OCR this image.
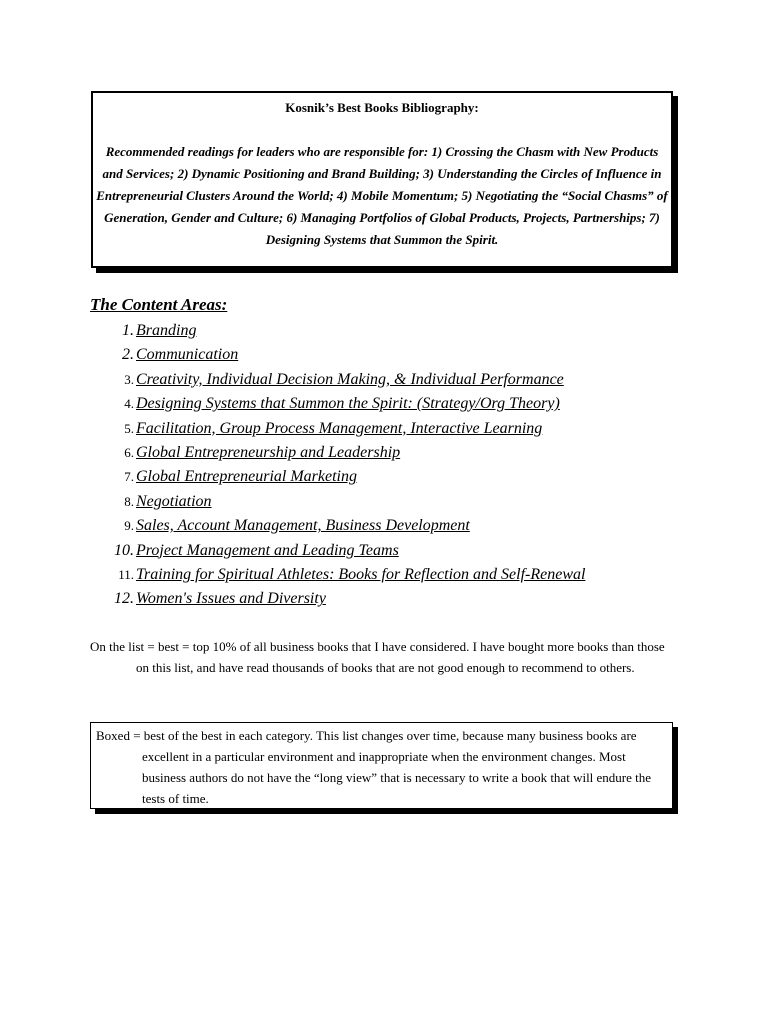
Kosnik’s Best Books Bibliography:

Recommended readings for leaders who are responsible for: 1) Crossing the Chasm with New Products and Services; 2) Dynamic Positioning and Brand Building; 3) Understanding the Circles of Influence in Entrepreneurial Clusters Around the World; 4) Mobile Momentum; 5) Negotiating the “Social Chasms” of Generation, Gender and Culture; 6) Managing Portfolios of Global Products, Projects, Partnerships; 7) Designing Systems that Summon the Spirit.

The Content Areas:

1. Branding
2. Communication
3. Creativity, Individual Decision Making, & Individual Performance
4. Designing Systems that Summon the Spirit: (Strategy/Org Theory)
5. Facilitation, Group Process Management, Interactive Learning
6. Global Entrepreneurship and Leadership
7. Global Entrepreneurial Marketing
8. Negotiation
9. Sales, Account Management, Business Development
10. Project Management and Leading Teams
11. Training for Spiritual Athletes: Books for Reflection and Self-Renewal
12. Women's Issues and Diversity

On the list = best = top 10% of all business books that I have considered. I have bought more books than those on this list, and have read thousands of books that are not good enough to recommend to others.

Boxed = best of the best in each category. This list changes over time, because many business books are excellent in a particular environment and inappropriate when the environment changes. Most business authors do not have the “long view” that is necessary to write a book that will endure the tests of time.
